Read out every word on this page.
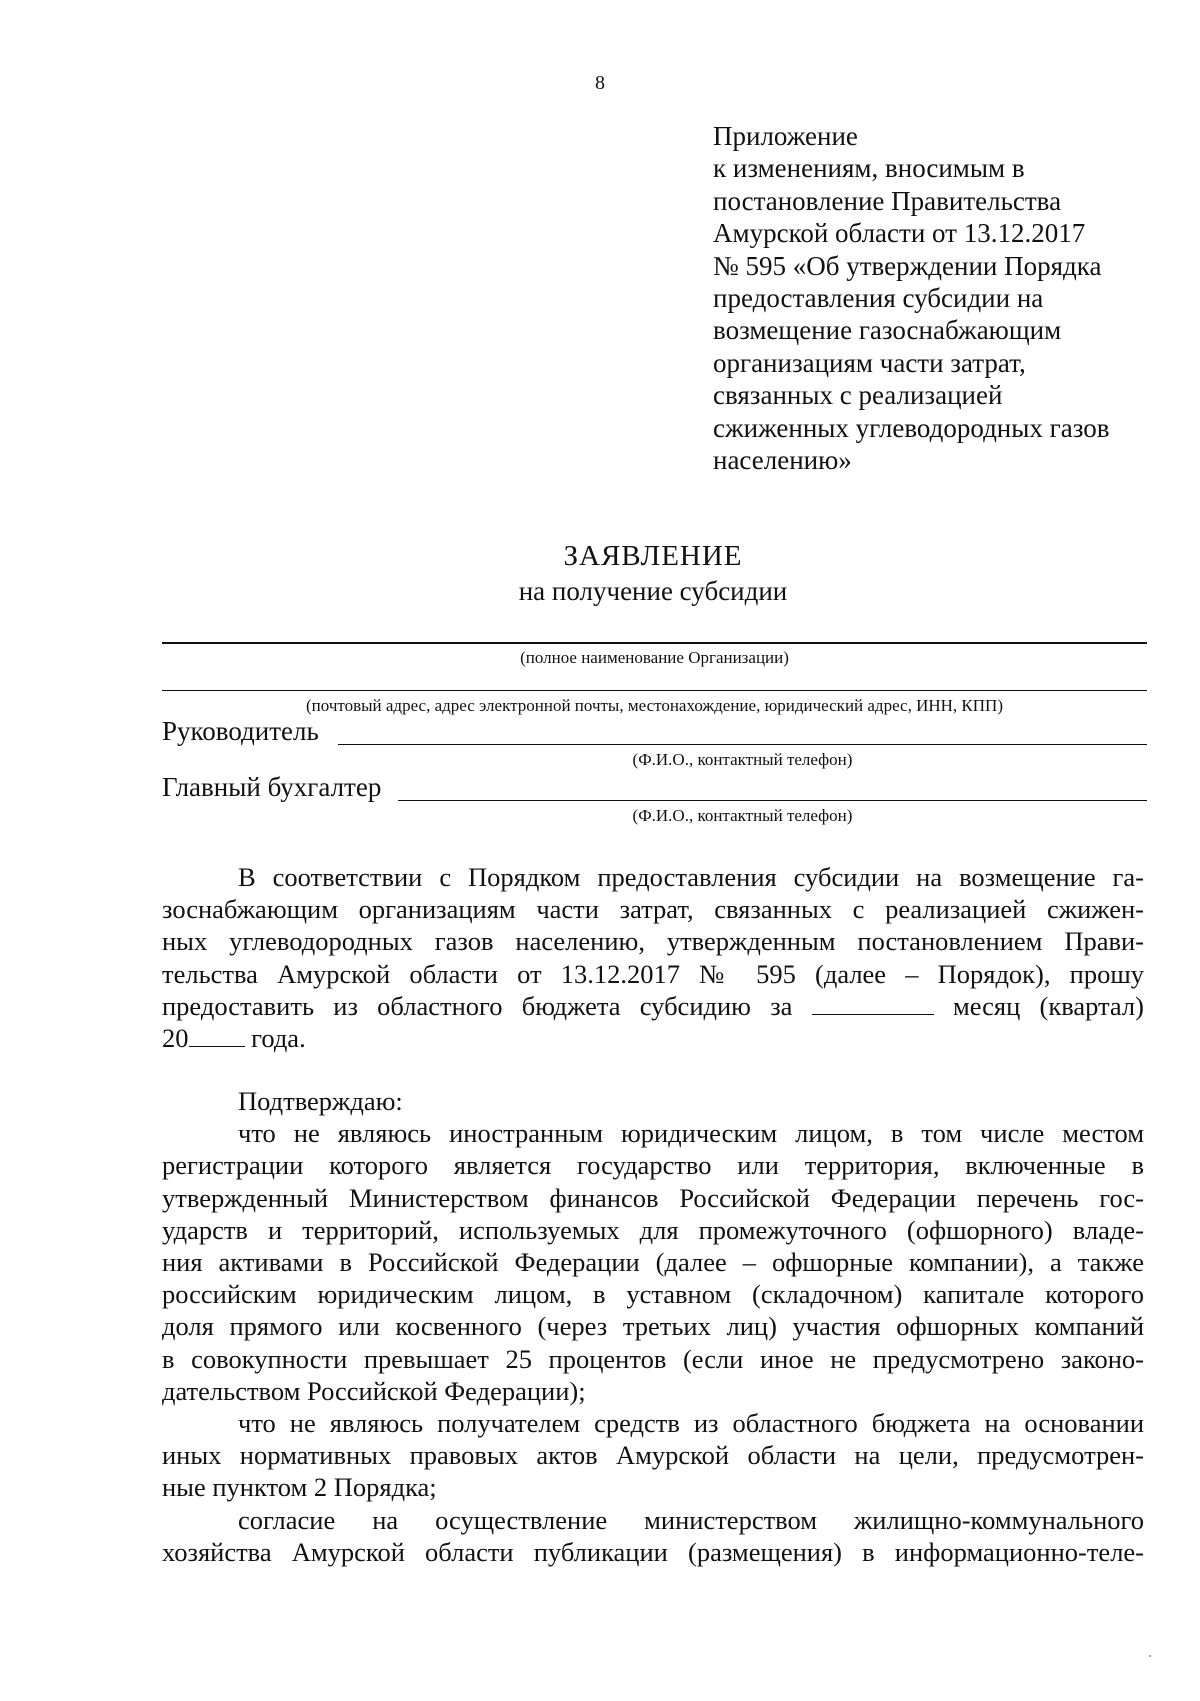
8
Приложение
к изменениям, вносимым в
постановление Правительства
Амурской области от 13.12.2017
№ 595 «Об утверждении Порядка
предоставления субсидии на
возмещение газоснабжающим
организациям части затрат,
связанных с реализацией
сжиженных углеводородных газов
населению»
ЗАЯВЛЕНИЕ
на получение субсидии
(полное наименование Организации)
(почтовый адрес, адрес электронной почты, местонахождение, юридический адрес, ИНН, КПП)
Руководитель
(Ф.И.О., контактный телефон)
Главный бухгалтер
(Ф.И.О., контактный телефон)
В соответствии с Порядком предоставления субсидии на возмещение га-
зоснабжающим организациям части затрат, связанных с реализацией сжижен-
ных углеводородных газов населению, утвержденным постановлением Прави-
тельства Амурской области от 13.12.2017 № 595 (далее – Порядок), прошу
предоставить из областного бюджета субсидию за	месяц (квартал)
20 года.
Подтверждаю:
что не являюсь иностранным юридическим лицом, в том числе местом
регистрации которого является государство или территория, включенные в
утвержденный Министерством финансов Российской Федерации перечень гос-
ударств и территорий, используемых для промежуточного (офшорного) владе-
ния активами в Российской Федерации (далее – офшорные компании), а также
российским юридическим лицом, в уставном (складочном) капитале которого
доля прямого или косвенного (через третьих лиц) участия офшорных компаний
в совокупности превышает 25 процентов (если иное не предусмотрено законо-
дательством Российской Федерации);
что не являюсь получателем средств из областного бюджета на основании
иных нормативных правовых актов Амурской области на цели, предусмотрен-
ные пунктом 2 Порядка;
согласие на осуществление министерством жилищно-коммунального
хозяйства Амурской области публикации (размещения) в информационно-теле-
